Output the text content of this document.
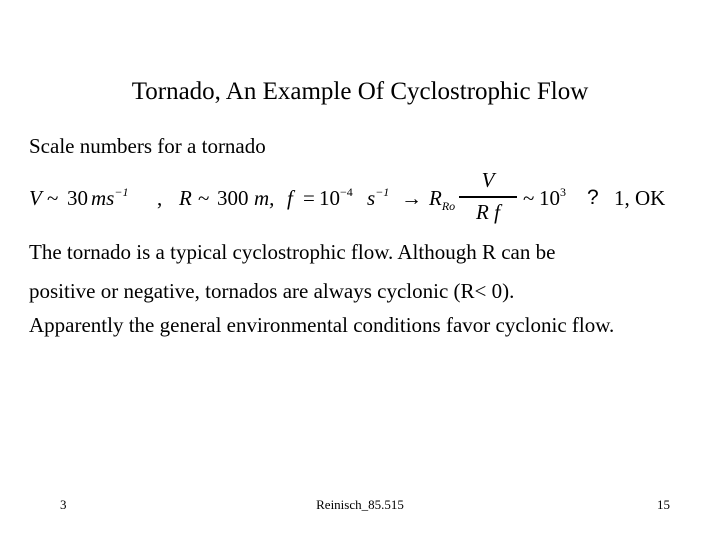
Tornado, An Example Of Cyclostrophic Flow
Scale numbers for a tornado
V ~ 30 $ms^{-1}$ , R ~ 300 m, $f = 10^{-4}$ $s^{-1} \to R_{Ro}$
V
R f
~ $10^3$ ? 1, OK
The tornado is a typical cyclostrophic flow. Although R can be
positive or negative, tornados are always cyclonic (R< 0).
Apparently the general environmental conditions favor cyclonic flow.
3	Reinisch_85.515	15
